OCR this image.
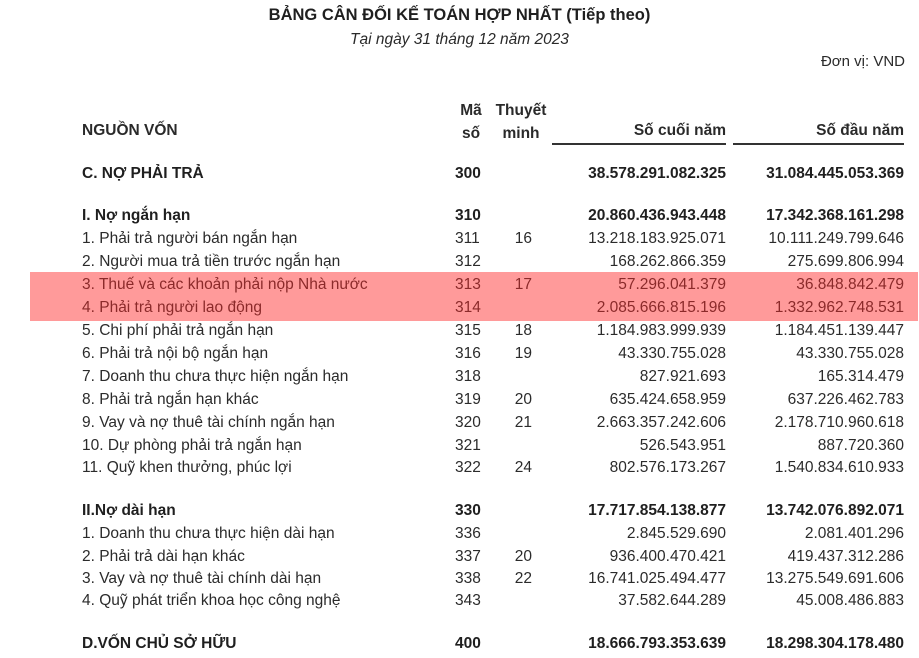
BẢNG CÂN ĐỐI KẾ TOÁN HỢP NHẤT (Tiếp theo)
Tại ngày 31 tháng 12 năm 2023
Đơn vị: VND
NGUỒN VỐN
Mã
số
Thuyết
minh	Số cuối năm	Số đầu năm
C. NỢ PHẢI TRẢ	300	38.578.291.082.325	31.084.445.053.369
I. Nợ ngắn hạn	310	20.860.436.943.448	17.342.368.161.298
1. Phải trả người bán ngắn hạn	311	16	13.218.183.925.071	10.111.249.799.646
2. Người mua trả tiền trước ngắn hạn	312	168.262.866.359	275.699.806.994
3. Thuế và các khoản phải nộp Nhà nước	313	17	57.296.041.379	36.848.842.479
4. Phải trả người lao động	314	2.085.666.815.196	1.332.962.748.531
5. Chi phí phải trả ngắn hạn	315	18	1.184.983.999.939	1.184.451.139.447
6. Phải trả nội bộ ngắn hạn	316	19	43.330.755.028	43.330.755.028
7. Doanh thu chưa thực hiện ngắn hạn	318	827.921.693	165.314.479
8. Phải trả ngắn hạn khác	319	20	635.424.658.959	637.226.462.783
9. Vay và nợ thuê tài chính ngắn hạn	320	21	2.663.357.242.606	2.178.710.960.618
10. Dự phòng phải trả ngắn hạn	321	526.543.951	887.720.360
11. Quỹ khen thưởng, phúc lợi	322	24	802.576.173.267	1.540.834.610.933
II.Nợ dài hạn	330	17.717.854.138.877	13.742.076.892.071
1. Doanh thu chưa thực hiện dài hạn	336	2.845.529.690	2.081.401.296
2. Phải trả dài hạn khác	337	20	936.400.470.421	419.437.312.286
3. Vay và nợ thuê tài chính dài hạn	338	22	16.741.025.494.477	13.275.549.691.606
4. Quỹ phát triển khoa học công nghệ	343	37.582.644.289	45.008.486.883
D.VỐN CHỦ SỞ HỮU	400	18.666.793.353.639	18.298.304.178.480
